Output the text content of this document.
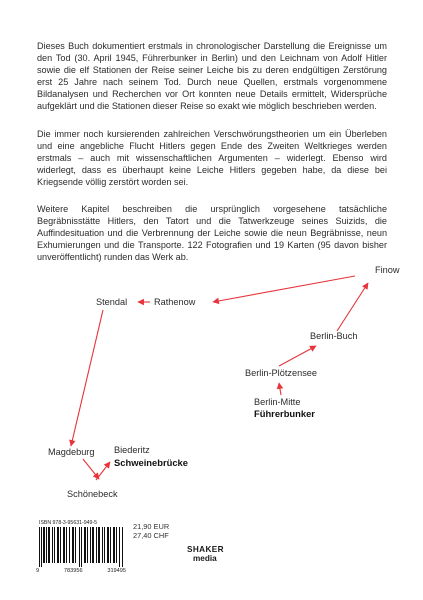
Dieses Buch dokumentiert erstmals in chronologischer Darstellung die Ereignisse um den Tod (30. April 1945, Führerbunker in Berlin) und den Leichnam von Adolf Hitler sowie die elf Stationen der Reise seiner Leiche bis zu deren endgültigen Zerstörung erst 25 Jahre nach seinem Tod. Durch neue Quellen, erstmals vorgenommene Bildanalysen und Recherchen vor Ort konnten neue Details ermittelt, Widersprüche aufgeklärt und die Stationen dieser Reise so exakt wie möglich beschrieben werden.

Die immer noch kursierenden zahlreichen Verschwörungstheorien um ein Überleben und eine angebliche Flucht Hitlers gegen Ende des Zweiten Weltkrieges werden erstmals – auch mit wissenschaftlichen Argumenten – widerlegt. Ebenso wird widerlegt, dass es überhaupt keine Leiche Hitlers gegeben habe, da diese bei Kriegsende völlig zerstört worden sei.

Weitere Kapitel beschreiben die ursprünglich vorgesehene tatsächliche Begräbnisstätte Hitlers, den Tatort und die Tatwerkzeuge seines Suizids, die Auffindesituation und die Verbrennung der Leiche sowie die neun Begräbnisse, neun Exhumierungen und die Transporte. 122 Fotografien und 19 Karten (95 davon bisher unveröffentlicht) runden das Werk ab.

Finow
Rathenow
Stendal
Berlin-Buch
Berlin-Plötzensee
Berlin-Mitte
Führerbunker
Magdeburg Biederitz
Schweinebrücke
Schönebeck
ISBN 978-3-95631-949-5
9	783956	319495
21,90 EUR
27,40 CHF
SHAKER
media
